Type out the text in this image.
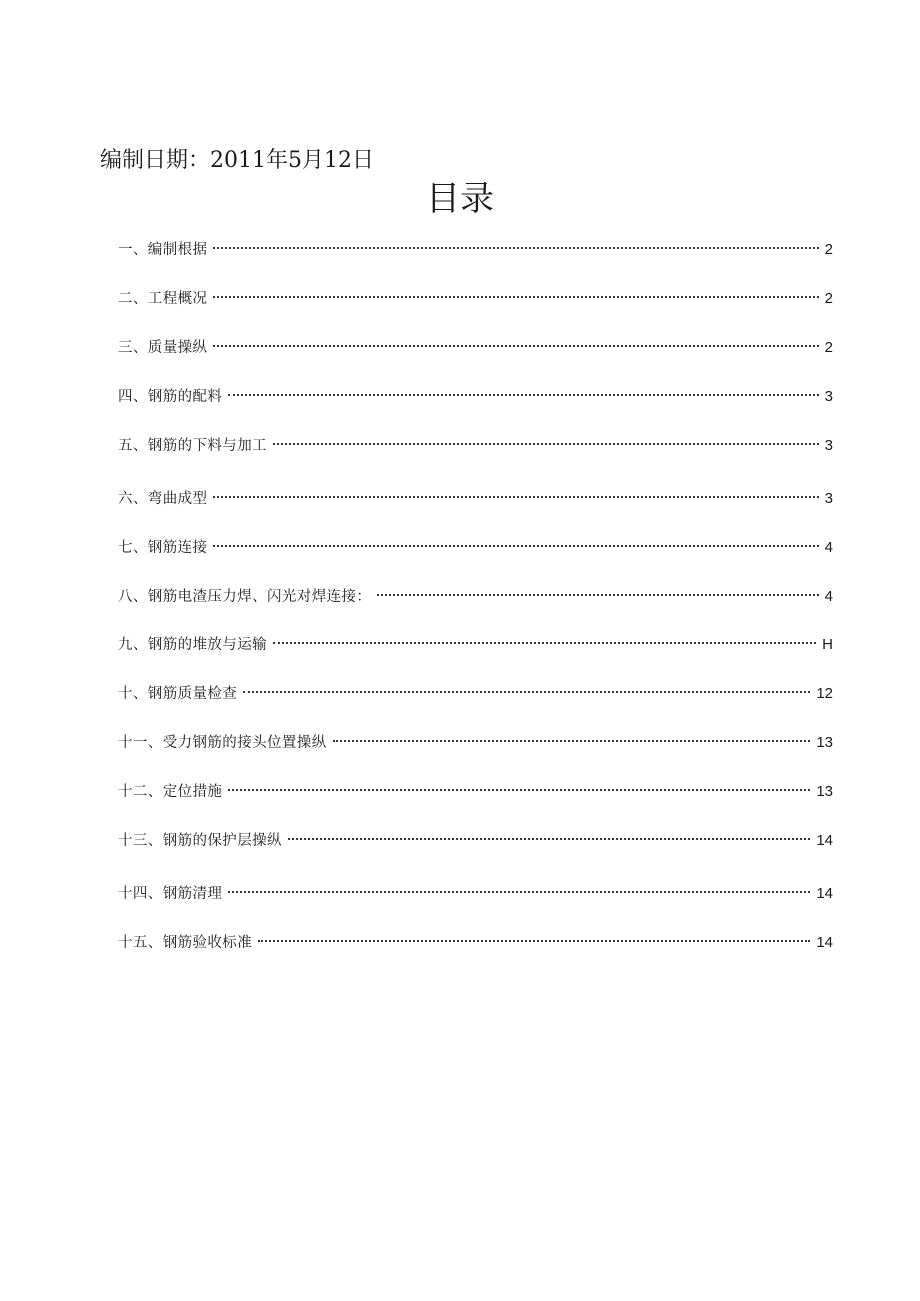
编制日期：2011年5月12日
目录
一、编制根据	2
二、工程概况	2
三、质量操纵	2
四、钢筋的配料	3
五、钢筋的下料与加工	3
六、弯曲成型	3
七、钢筋连接	4
八、钢筋电渣压力焊、闪光对焊连接：	4
九、钢筋的堆放与运输	H
十、钢筋质量检查	12
十一、受力钢筋的接头位置操纵	13
十二、定位措施	13
十三、钢筋的保护层操纵	14
十四、钢筋清理	14
十五、钢筋验收标准	14
